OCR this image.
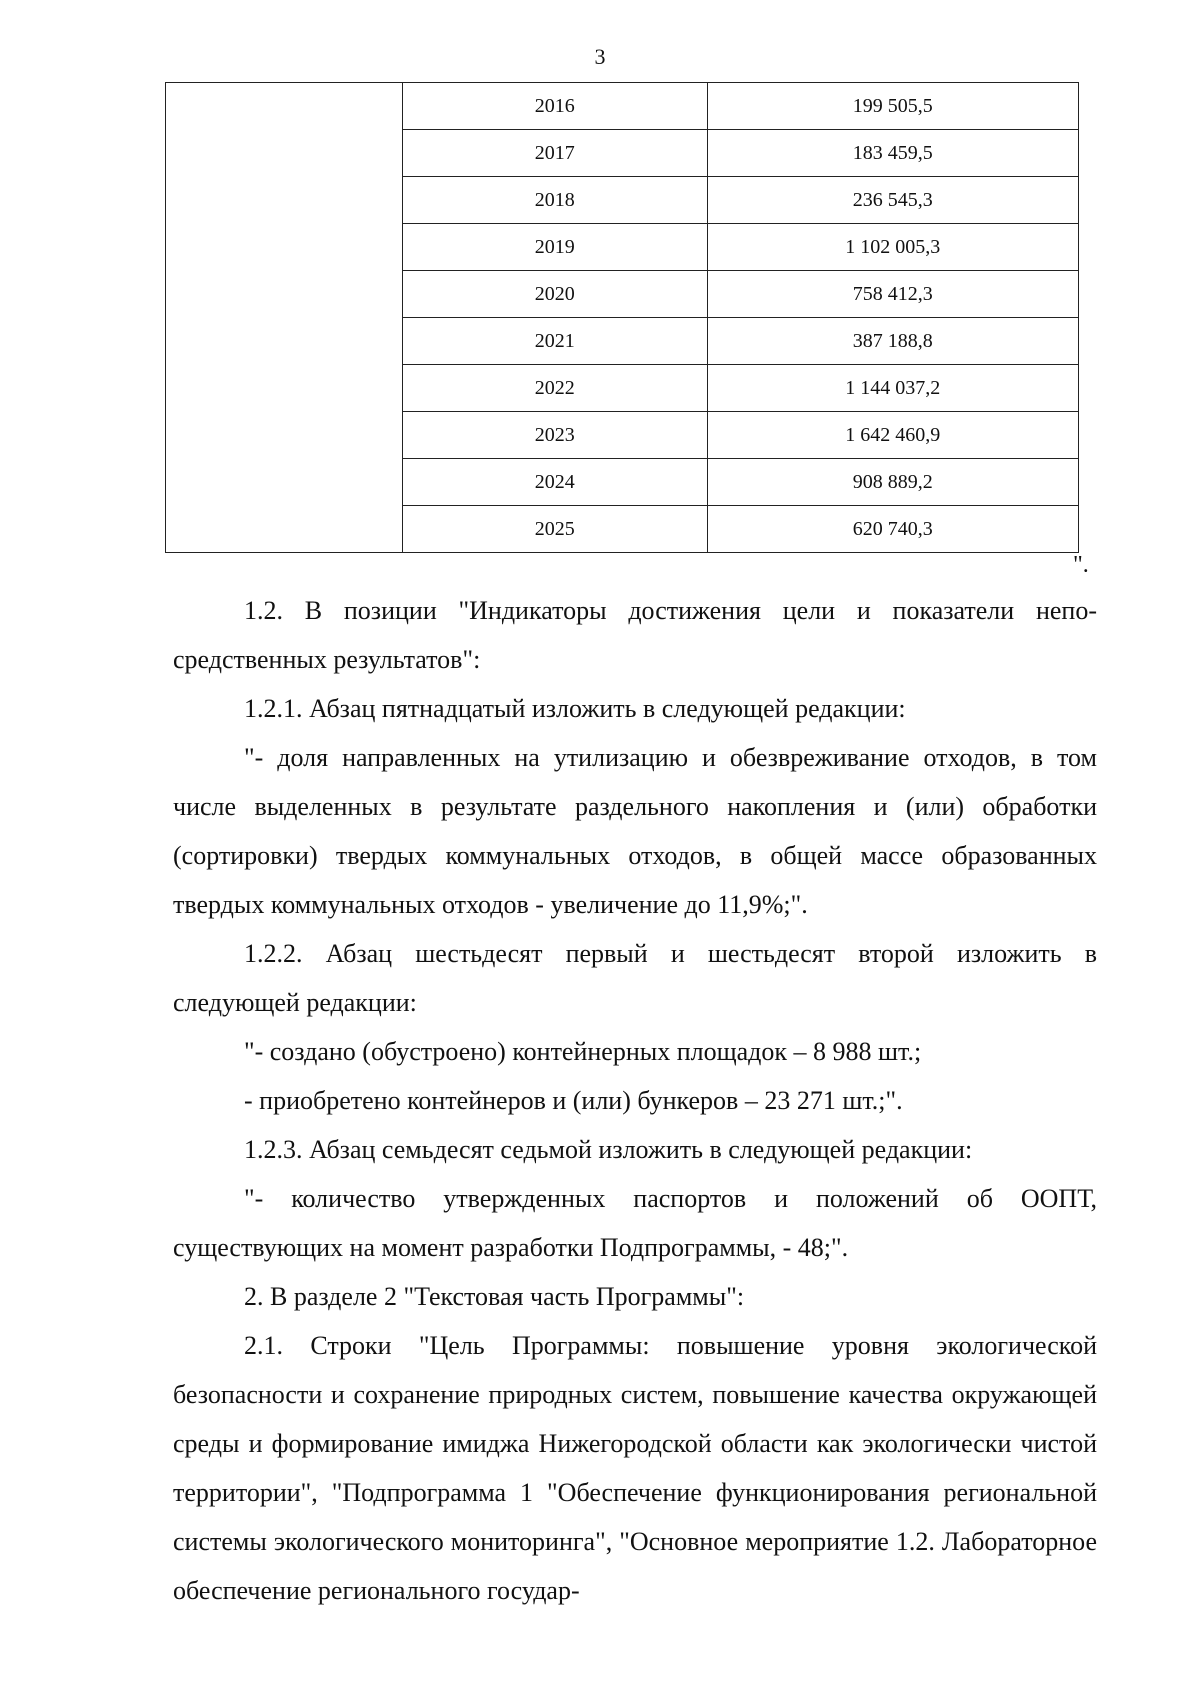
3
	2016	199 505,5
	2017	183 459,5
	2018	236 545,3
	2019	1 102 005,3
	2020	758 412,3
	2021	387 188,8
	2022	1 144 037,2
	2023	1 642 460,9
	2024	908 889,2
	2025	620 740,3
".

1.2. В позиции "Индикаторы достижения цели и показатели непосредственных результатов":

1.2.1. Абзац пятнадцатый изложить в следующей редакции:

"- доля направленных на утилизацию и обезвреживание отходов, в том числе выделенных в результате раздельного накопления и (или) обработки (сортировки) твердых коммунальных отходов, в общей массе образованных твердых коммунальных отходов - увеличение до 11,9%;".

1.2.2. Абзац шестьдесят первый и шестьдесят второй изложить в следующей редакции:

"- создано (обустроено) контейнерных площадок – 8 988 шт.;

- приобретено контейнеров и (или) бункеров – 23 271 шт.;".

1.2.3. Абзац семьдесят седьмой изложить в следующей редакции:

"- количество утвержденных паспортов и положений об ООПТ, существующих на момент разработки Подпрограммы, - 48;".

2. В разделе 2 "Текстовая часть Программы":

2.1. Строки "Цель Программы: повышение уровня экологической безопасности и сохранение природных систем, повышение качества окружающей среды и формирование имиджа Нижегородской области как экологически чистой территории", "Подпрограмма 1 "Обеспечение функционирования региональной системы экологического мониторинга", "Основное мероприятие 1.2. Лабораторное обеспечение регионального государ-
